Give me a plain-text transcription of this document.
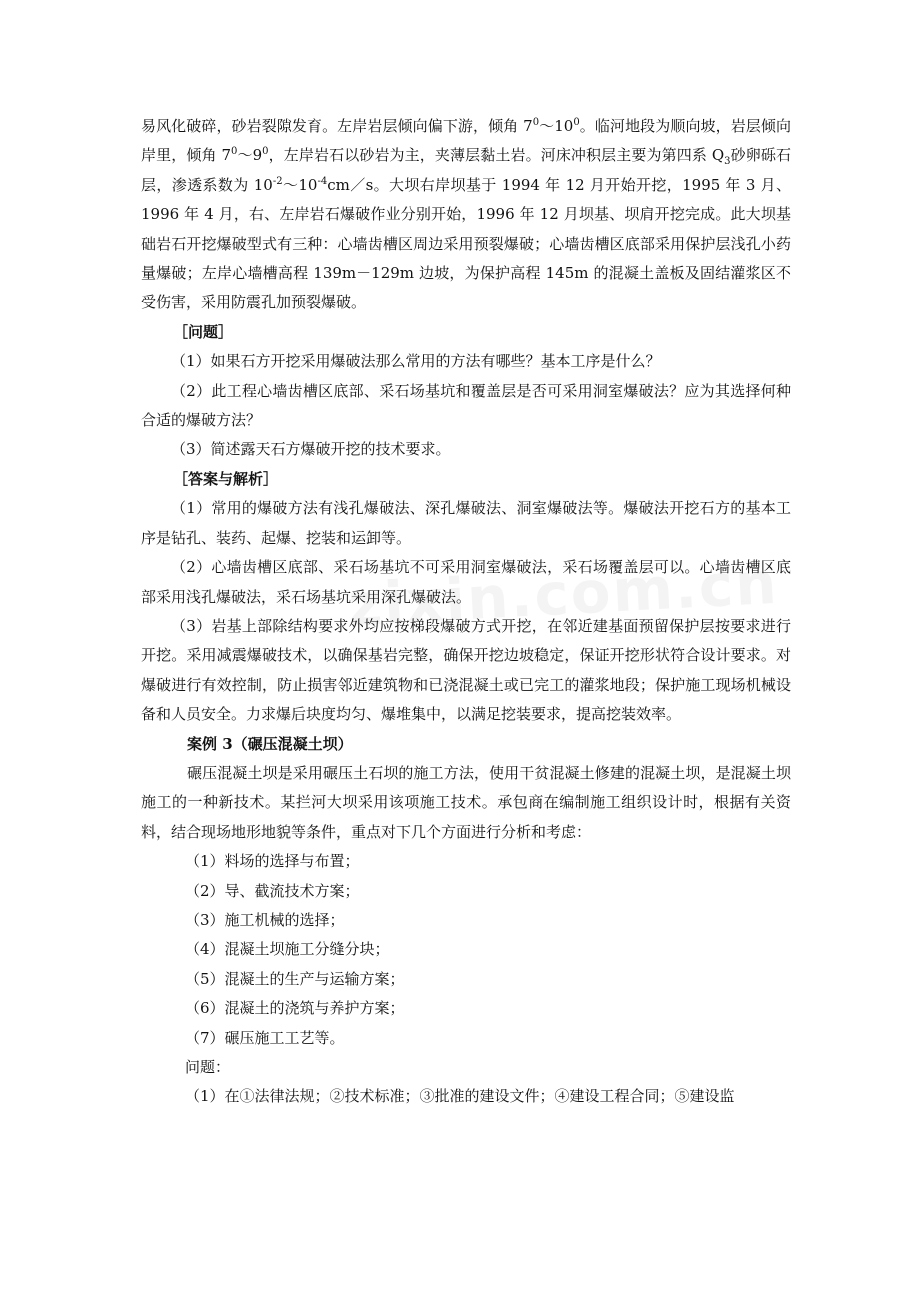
易风化破碎，砂岩裂隙发育。左岸岩层倾向偏下游，倾角 $7^0\sim 10^0$。临河地段为顺向坡，岩层倾向岸里，倾角 $7^0\sim 9^0$，左岸岩石以砂岩为主，夹薄层黏土岩。河床冲积层主要为第四系 $Q_3$砂卵砾石层，渗透系数为 $10^{-2}\sim 10^{-4}cm/s$。大坝右岸坝基于 1994 年 12 月开始开挖，1995 年 3 月、1996 年 4 月，右、左岸岩石爆破作业分别开始，1996 年 12 月坝基、坝肩开挖完成。此大坝基础岩石开挖爆破型式有三种：心墙齿槽区周边采用预裂爆破；心墙齿槽区底部采用保护层浅孔小药量爆破；左岸心墙槽高程 139m－129m 边坡，为保护高程 145m 的混凝土盖板及固结灌浆区不受伤害，采用防震孔加预裂爆破。

［问题］

（1）如果石方开挖采用爆破法那么常用的方法有哪些？基本工序是什么？

（2）此工程心墙齿槽区底部、采石场基坑和覆盖层是否可采用洞室爆破法？应为其选择何种合适的爆破方法？

（3）简述露天石方爆破开挖的技术要求。

［答案与解析］

（1）常用的爆破方法有浅孔爆破法、深孔爆破法、洞室爆破法等。爆破法开挖石方的基本工序是钻孔、装药、起爆、挖装和运卸等。

（2）心墙齿槽区底部、采石场基坑不可采用洞室爆破法，采石场覆盖层可以。心墙齿槽区底部采用浅孔爆破法，采石场基坑采用深孔爆破法。

（3）岩基上部除结构要求外均应按梯段爆破方式开挖，在邻近建基面预留保护层按要求进行开挖。采用减震爆破技术，以确保基岩完整，确保开挖边坡稳定，保证开挖形状符合设计要求。对爆破进行有效控制，防止损害邻近建筑物和已浇混凝土或已完工的灌浆地段；保护施工现场机械设备和人员安全。力求爆后块度均匀、爆堆集中，以满足挖装要求，提高挖装效率。

案例 3（碾压混凝土坝）

碾压混凝土坝是采用碾压土石坝的施工方法，使用干贫混凝土修建的混凝土坝，是混凝土坝施工的一种新技术。某拦河大坝采用该项施工技术。承包商在编制施工组织设计时，根据有关资料，结合现场地形地貌等条件，重点对下几个方面进行分析和考虑：

（1）料场的选择与布置；

（2）导、截流技术方案；

（3）施工机械的选择；

（4）混凝土坝施工分缝分块；

（5）混凝土的生产与运输方案；

（6）混凝土的浇筑与养护方案；

（7）碾压施工工艺等。

问题：

（1）在①法律法规；②技术标准；③批准的建设文件；④建设工程合同；⑤建设监
